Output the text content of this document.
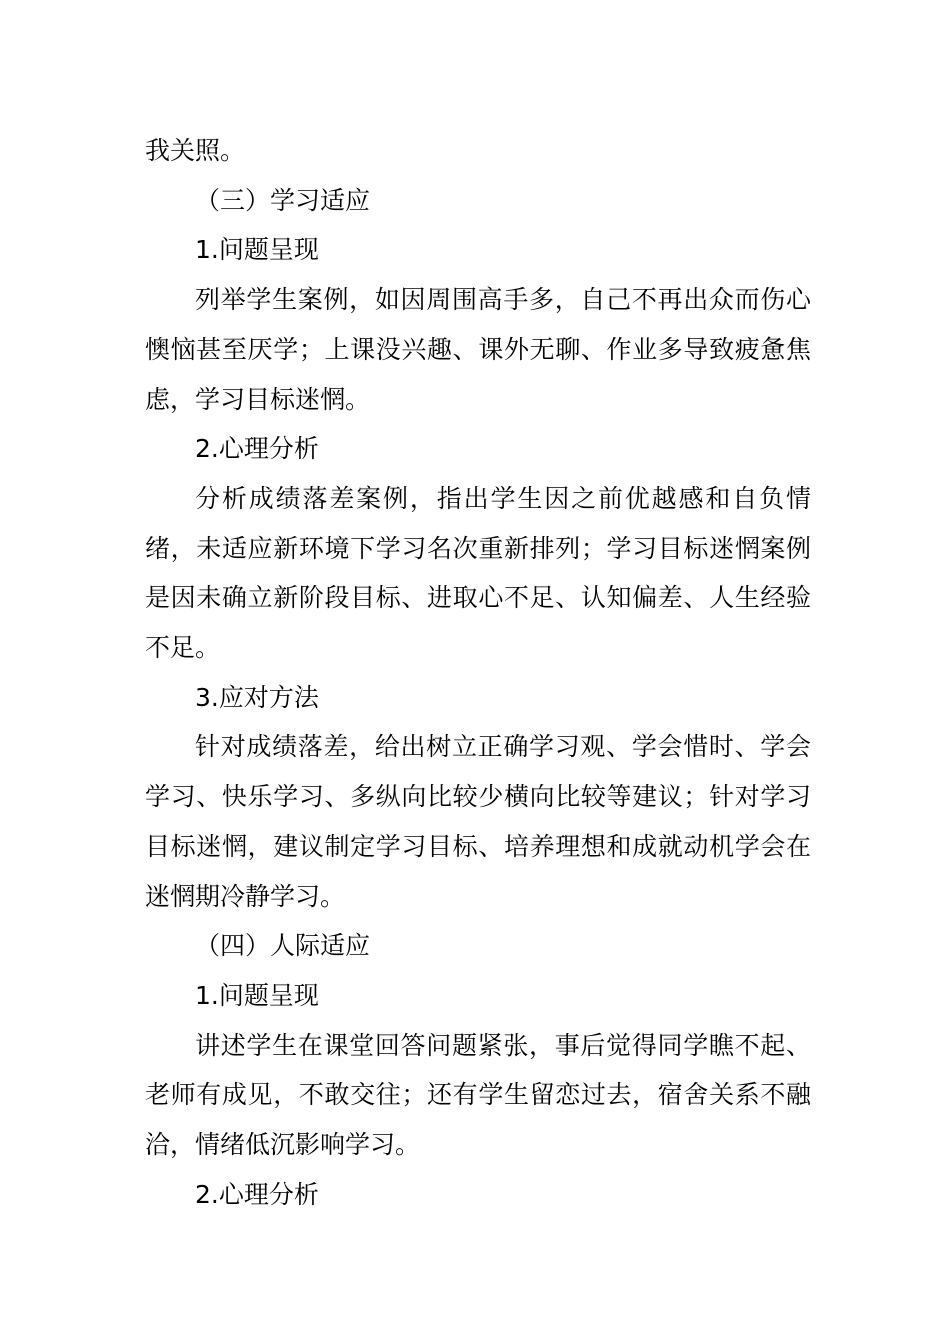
我关照。

（三）学习适应

1.问题呈现

列举学生案例，如因周围高手多，自己不再出众而伤心懊恼甚至厌学；上课没兴趣、课外无聊、作业多导致疲惫焦虑，学习目标迷惘。

2.心理分析

分析成绩落差案例，指出学生因之前优越感和自负情绪，未适应新环境下学习名次重新排列；学习目标迷惘案例是因未确立新阶段目标、进取心不足、认知偏差、人生经验不足。

3.应对方法

针对成绩落差，给出树立正确学习观、学会惜时、学会学习、快乐学习、多纵向比较少横向比较等建议；针对学习目标迷惘，建议制定学习目标、培养理想和成就动机学会在迷惘期冷静学习。

（四）人际适应

1.问题呈现

讲述学生在课堂回答问题紧张，事后觉得同学瞧不起、老师有成见，不敢交往；还有学生留恋过去，宿舍关系不融洽，情绪低沉影响学习。

2.心理分析
